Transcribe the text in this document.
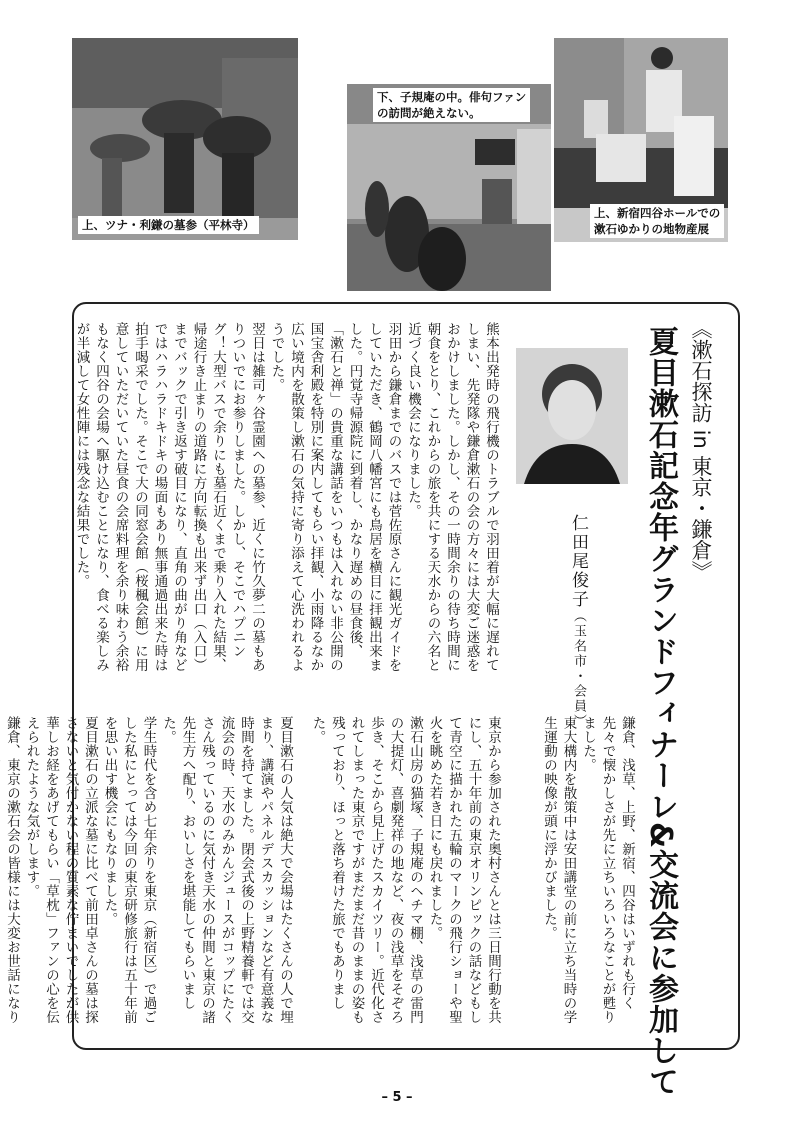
上、ツナ・利鎌の墓参（平林寺）
下、子規庵の中。俳句ファン
の訪問が絶えない。
上、新宿四谷ホールでの
漱石ゆかりの地物産展
《漱石探訪 in 東京・鎌倉》
夏目漱石記念年グランドフィナーレ&交流会に参加して
仁田尾俊子（玉名市・会員）

鎌倉、浅草、上野、新宿、四谷はいずれも行く先々で懐かしさが先に立ちいろいろなことが甦りました。

東大構内を散策中は安田講堂の前に立ち当時の学生運動の映像が頭に浮かびました。

熊本出発時の飛行機のトラブルで羽田着が大幅に遅れてしまい、先発隊や鎌倉漱石の会の方々には大変ご迷惑をおかけしました。しかし、その一時間余りの待ち時間に朝食をとり、これからの旅を共にする天水からの六名と近づく良い機会になりました。

羽田から鎌倉までのバスでは菅佐原さんに観光ガイドをしていただき、鶴岡八幡宮にも鳥居を横目に拝観出来ました。円覚寺帰源院に到着し、かなり遅めの昼食後、「漱石と禅」の貴重な講話をいつもは入れない非公開の国宝舎利殿を特別に案内してもらい拝観、小雨降るなか広い境内を散策し漱石の気持に寄り添えて心洗われるようでした。

翌日は雑司ヶ谷霊園への墓参、近くに竹久夢二の墓もありついでにお参りしました。しかし、そこでハプニング！大型バスで余りにも墓石近くまで乗り入れた結果、帰途行き止まりの道路に方向転換も出来ず出口（入口）までバックで引き返す破目になり、直角の曲がり角などではハラハラドキドキの場面もあり無事通過出来た時は拍手喝采でした。そこで大の同窓会館（桜楓会館）に用意していただいていた昼食の会席料理を余り味わう余裕もなく四谷の会場へ駆け込むことになり、食べる楽しみが半減して女性陣には残念な結果でした。

東京から参加された奥村さんとは三日間行動を共にし、五十年前の東京オリンピックの話などもして青空に描かれた五輪のマークの飛行ショーや聖火を眺めた若き日にも戻れました。

漱石山房の猫塚、子規庵のヘチマ棚、浅草の雷門の大提灯、喜劇発祥の地など、夜の浅草をそぞろ歩き、そこから見上げたスカイツリー。近代化されてしまった東京ですがまだまだ昔のままの姿も残っており、ほっと落ち着けた旅でもありました。

夏目漱石の人気は絶大で会場はたくさんの人で埋まり、講演やパネルデスカッションなど有意義な時間を持てました。閉会式後の上野精養軒では交流会の時、天水のみかんジュースがコップにたくさん残っているのに気付き天水の仲間と東京の諸先生方へ配り、おいしさを堪能してもらいました。

学生時代を含め七年余りを東京（新宿区）で過ごした私にとっては今回の東京研修旅行は五十年前を思い出す機会にもなりました。

夏目漱石の立派な墓に比べて前田卓さんの墓は探さないと気付かない程の質素な佇まいでしたが供華しお経をあげてもらい「草枕」ファンの心を伝えられたような気がします。

鎌倉、東京の漱石会の皆様には大変お世話になり

– 5 –
